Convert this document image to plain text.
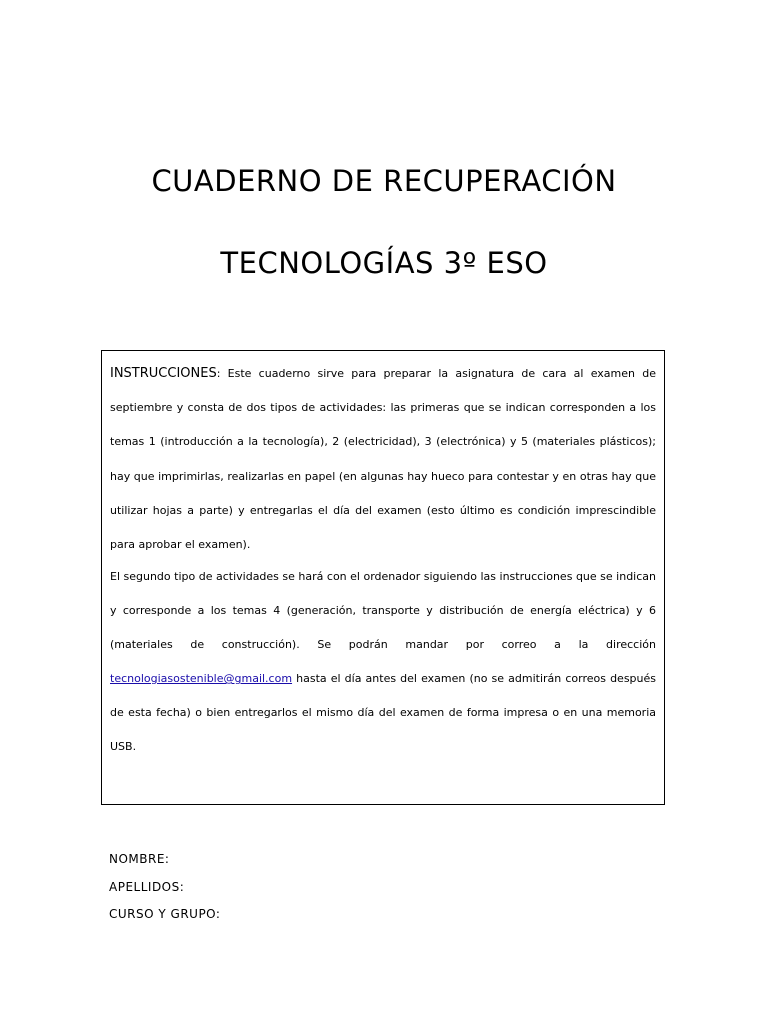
CUADERNO DE RECUPERACIÓN
TECNOLOGÍAS 3º ESO

INSTRUCCIONES: Este cuaderno sirve para preparar la asignatura de cara al examen de septiembre y consta de dos tipos de actividades: las primeras que se indican corresponden a los temas 1 (introducción a la tecnología), 2 (electricidad), 3 (electrónica) y 5 (materiales plásticos); hay que imprimirlas, realizarlas en papel (en algunas hay hueco para contestar y en otras hay que utilizar hojas a parte) y entregarlas el día del examen (esto último es condición imprescindible para aprobar el examen).

El segundo tipo de actividades se hará con el ordenador siguiendo las instrucciones que se indican y corresponde a los temas 4 (generación, transporte y distribución de energía eléctrica) y 6 (materiales de construcción). Se podrán mandar por correo a la dirección tecnologiasostenible@gmail.com hasta el día antes del examen (no se admitirán correos después de esta fecha) o bien entregarlos el mismo día del examen de forma impresa o en una memoria USB.

NOMBRE:
APELLIDOS:
CURSO Y GRUPO:
